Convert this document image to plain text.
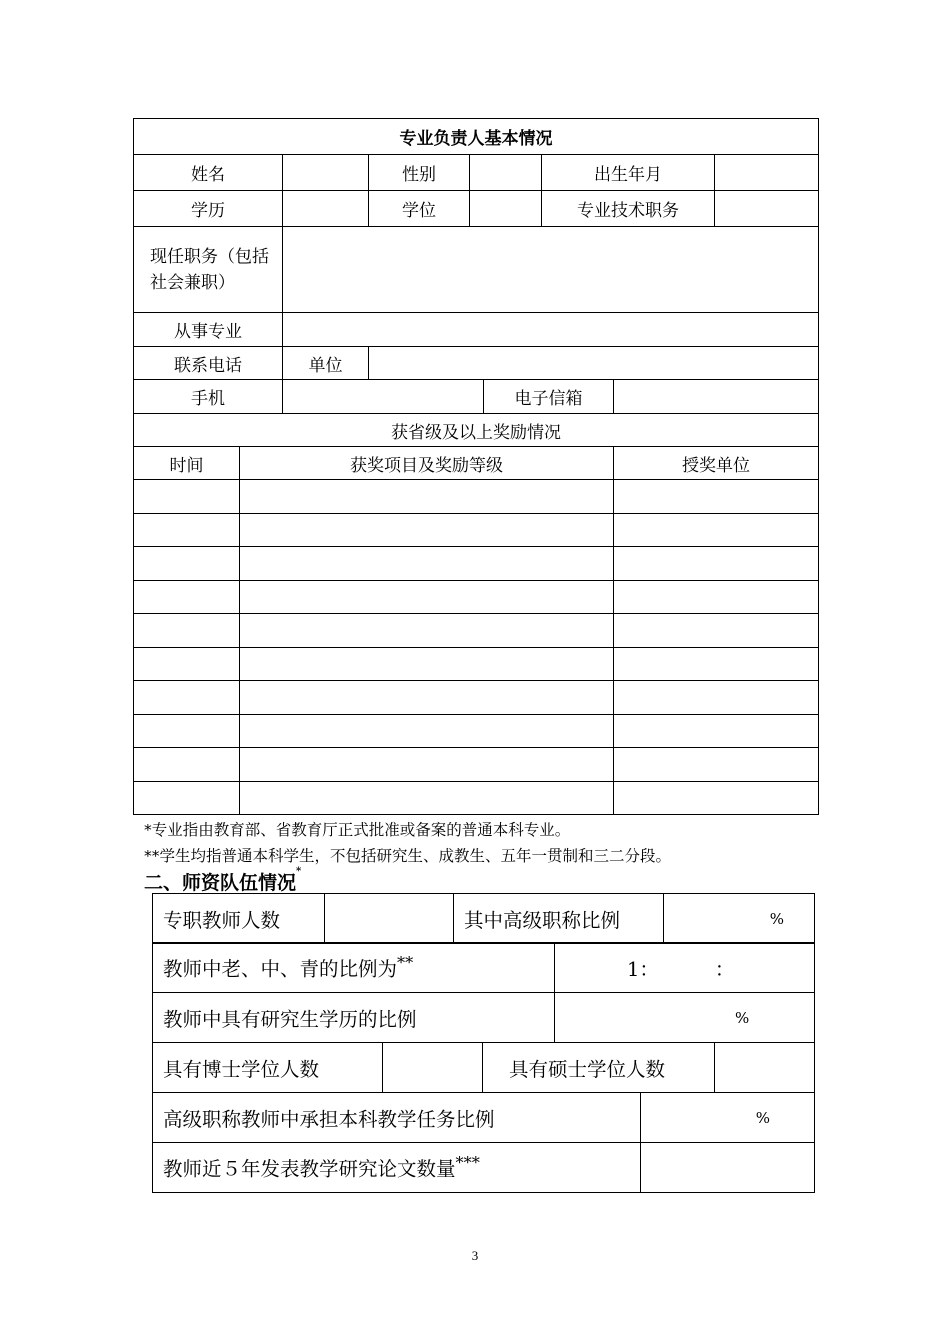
专业负责人基本情况								
姓名			性别			出生年月		
学历			学位			专业技术职务		
现任职务（包括社会兼职）								
从事专业								
联系电话		单位						
手机					电子信箱			
获省级及以上奖励情况								
时间	获奖项目及奖励等级						授奖单位	

*专业指由教育部、省教育厅正式批准或备案的普通本科专业。
**学生均指普通本科学生，不包括研究生、成教生、五年一贯制和三二分段。
二、师资队伍情况*
专职教师人数		其中高级职称比例	%
教师中老、中、青的比例为**	1：	：
教师中具有研究生学历的比例	%
具有博士学位人数		具有硕士学位人数	
高级职称教师中承担本科教学任务比例	%
教师近５年发表教学研究论文数量***	
3
